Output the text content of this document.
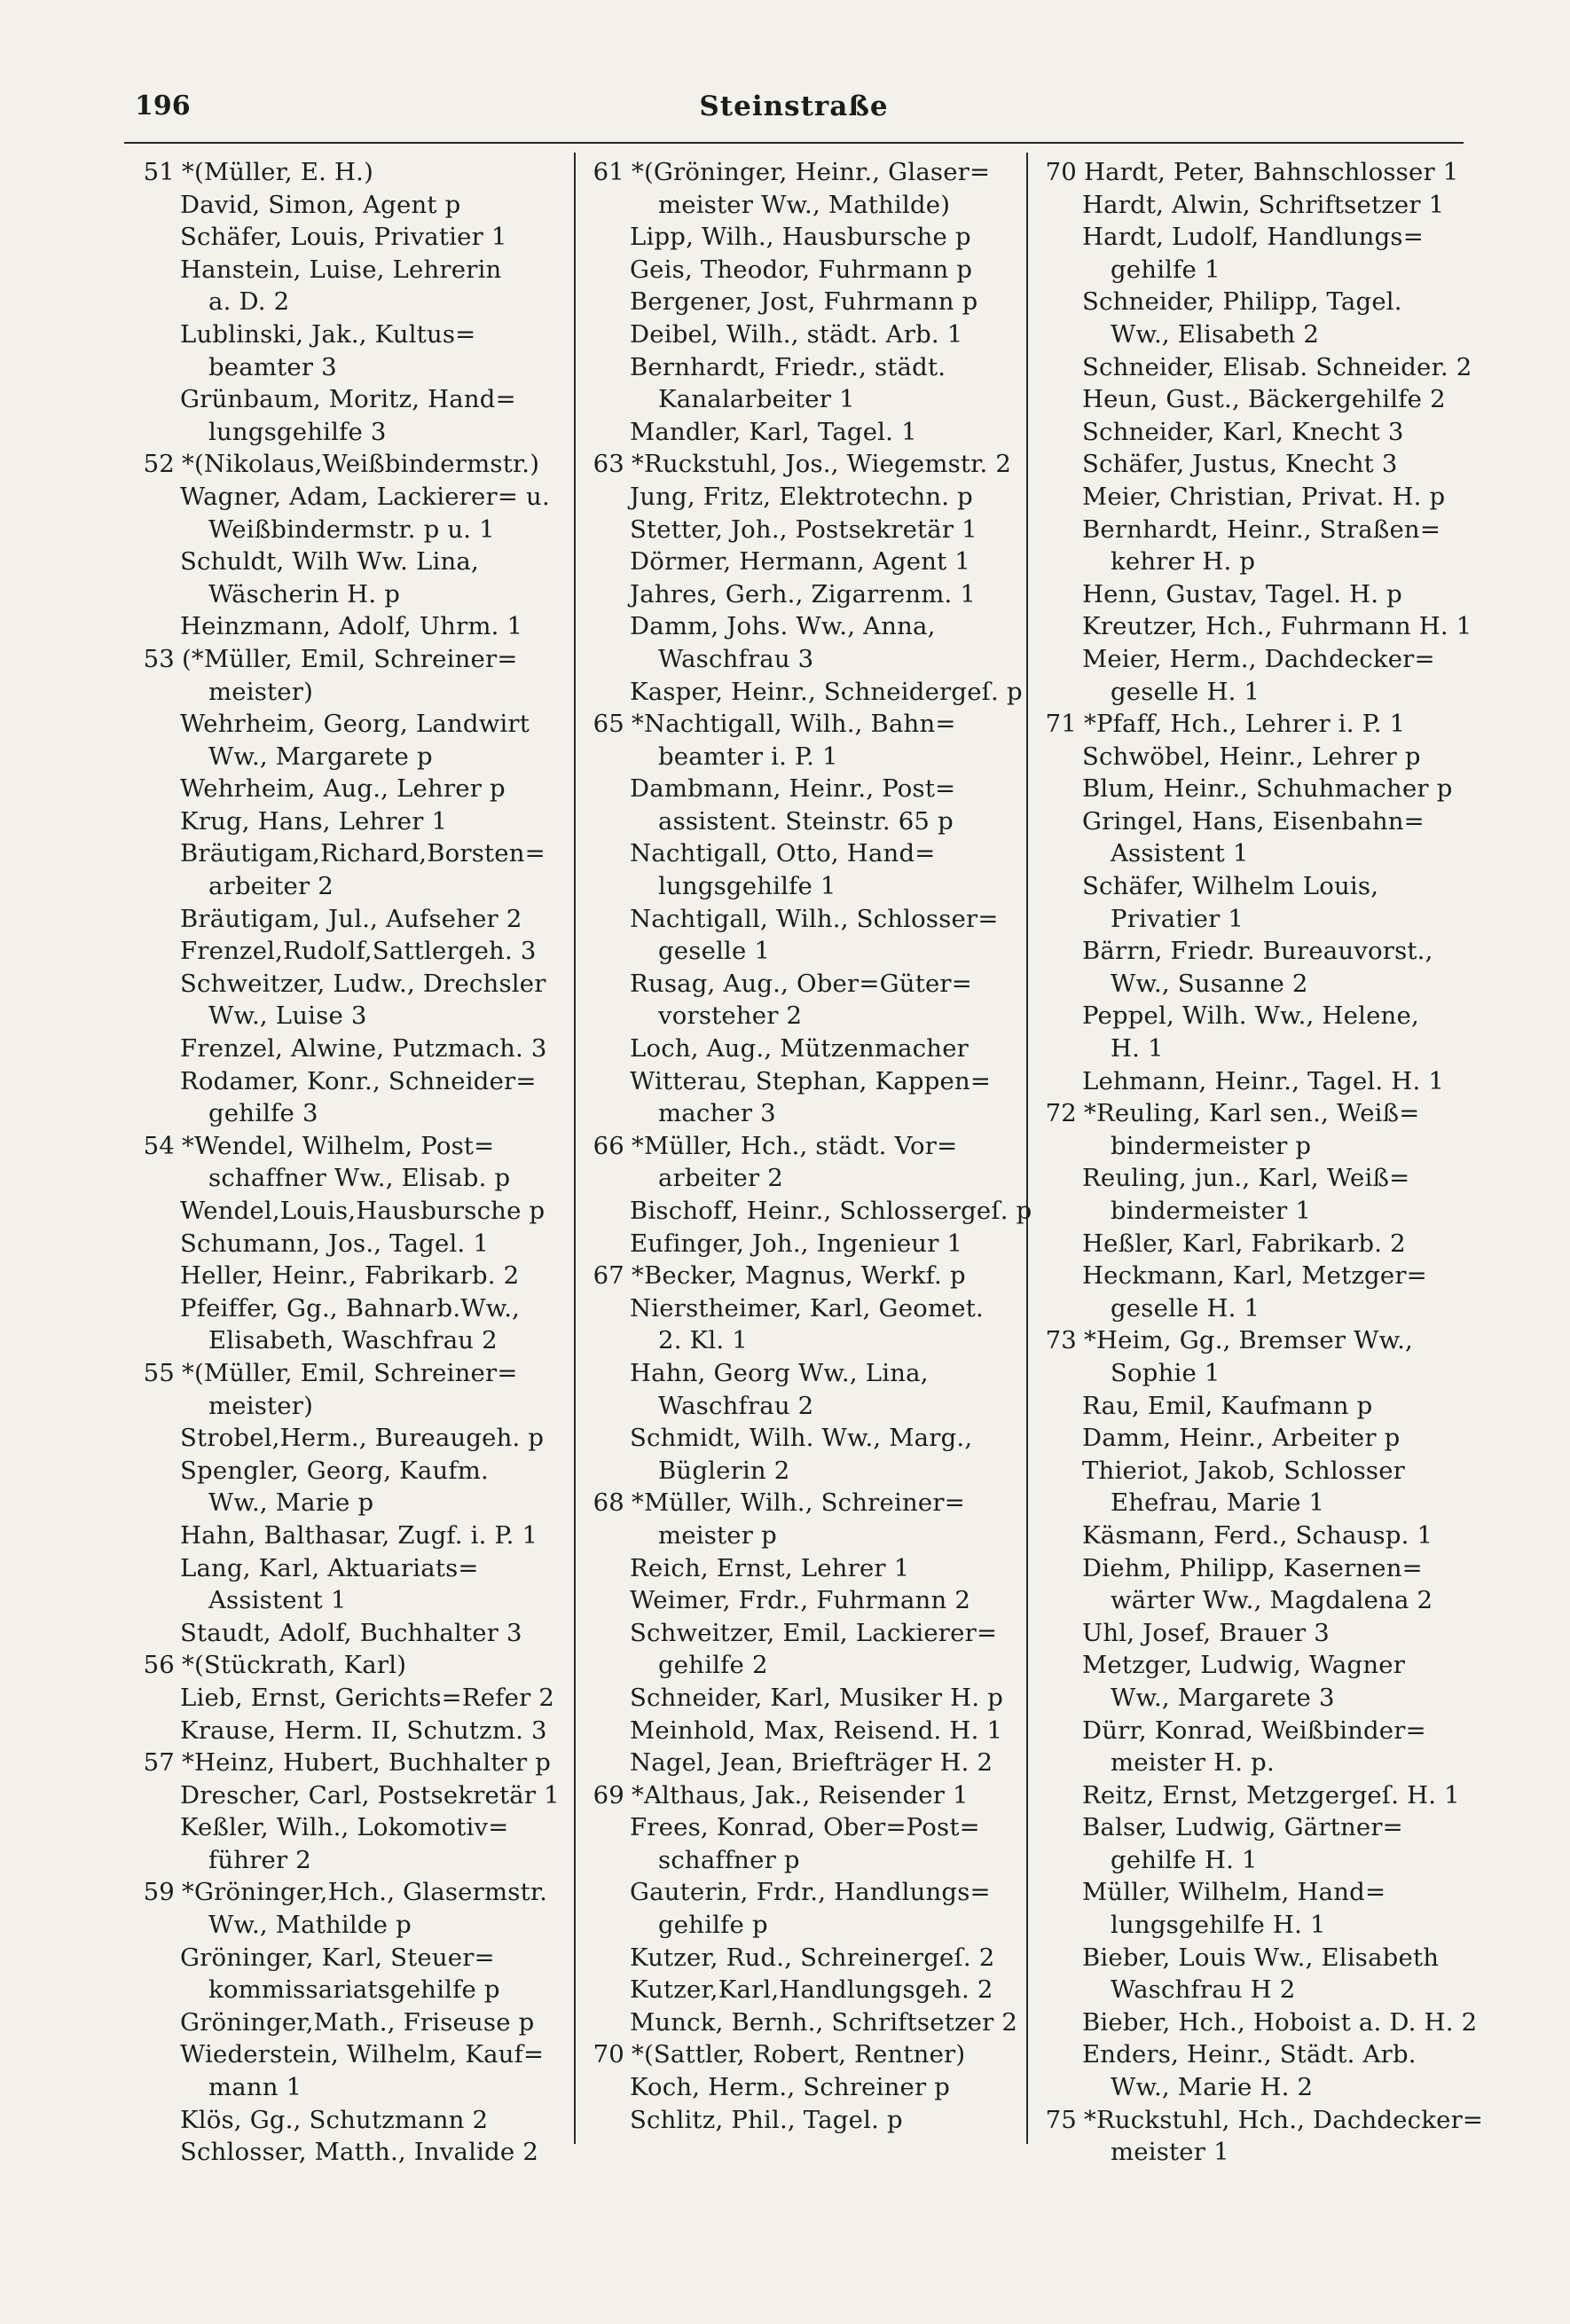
196	Steinstraße
51 *(Müller, E. H.)
David, Simon, Agent p
Schäfer, Louis, Privatier 1
Hanstein, Luise, Lehrerin
a. D. 2
Lublinski, Jak., Kultus=
beamter 3
Grünbaum, Moritz, Hand=
lungsgehilfe 3
52 *(Nikolaus,Weißbindermstr.)
Wagner, Adam, Lackierer= u.
Weißbindermstr. p u. 1
Schuldt, Wilh Ww. Lina,
Wäscherin H. p
Heinzmann, Adolf, Uhrm. 1
53 (*Müller, Emil, Schreiner=
meister)
Wehrheim, Georg, Landwirt
Ww., Margarete p
Wehrheim, Aug., Lehrer p
Krug, Hans, Lehrer 1
Bräutigam,Richard,Borsten=
arbeiter 2
Bräutigam, Jul., Aufseher 2
Frenzel,Rudolf,Sattlergeh. 3
Schweitzer, Ludw., Drechsler
Ww., Luise 3
Frenzel, Alwine, Putzmach. 3
Rodamer, Konr., Schneider=
gehilfe 3
54 *Wendel, Wilhelm, Post=
schaffner Ww., Elisab. p
Wendel,Louis,Hausbursche p
Schumann, Jos., Tagel. 1
Heller, Heinr., Fabrikarb. 2
Pfeiffer, Gg., Bahnarb.Ww.,
Elisabeth, Waschfrau 2
55 *(Müller, Emil, Schreiner=
meister)
Strobel,Herm., Bureaugeh. p
Spengler, Georg, Kaufm.
Ww., Marie p
Hahn, Balthasar, Zugf. i. P. 1
Lang, Karl, Aktuariats=
Assistent 1
Staudt, Adolf, Buchhalter 3
56 *(Stückrath, Karl)
Lieb, Ernst, Gerichts=Refer 2
Krause, Herm. II, Schutzm. 3
57 *Heinz, Hubert, Buchhalter p
Drescher, Carl, Postsekretär 1
Keßler, Wilh., Lokomotiv=
führer 2
59 *Gröninger,Hch., Glasermstr.
Ww., Mathilde p
Gröninger, Karl, Steuer=
kommissariatsgehilfe p
Gröninger,Math., Friseuse p
Wiederstein, Wilhelm, Kauf=
mann 1
Klös, Gg., Schutzmann 2
Schlosser, Matth., Invalide 2
61 *(Gröninger, Heinr., Glaser=
meister Ww., Mathilde)
Lipp, Wilh., Hausbursche p
Geis, Theodor, Fuhrmann p
Bergener, Jost, Fuhrmann p
Deibel, Wilh., städt. Arb. 1
Bernhardt, Friedr., städt.
Kanalarbeiter 1
Mandler, Karl, Tagel. 1
63 *Ruckstuhl, Jos., Wiegemstr. 2
Jung, Fritz, Elektrotechn. p
Stetter, Joh., Postsekretär 1
Dörmer, Hermann, Agent 1
Jahres, Gerh., Zigarrenm. 1
Damm, Johs. Ww., Anna,
Waschfrau 3
Kasper, Heinr., Schneidergeſ. p
65 *Nachtigall, Wilh., Bahn=
beamter i. P. 1
Dambmann, Heinr., Post=
assistent. Steinstr. 65 p
Nachtigall, Otto, Hand=
lungsgehilfe 1
Nachtigall, Wilh., Schlosser=
geselle 1
Rusag, Aug., Ober=Güter=
vorsteher 2
Loch, Aug., Mützenmacher
Witterau, Stephan, Kappen=
macher 3
66 *Müller, Hch., städt. Vor=
arbeiter 2
Bischoff, Heinr., Schlossergeſ. p
Eufinger, Joh., Ingenieur 1
67 *Becker, Magnus, Werkf. p
Nierstheimer, Karl, Geomet.
2. Kl. 1
Hahn, Georg Ww., Lina,
Waschfrau 2
Schmidt, Wilh. Ww., Marg.,
Büglerin 2
68 *Müller, Wilh., Schreiner=
meister p
Reich, Ernst, Lehrer 1
Weimer, Frdr., Fuhrmann 2
Schweitzer, Emil, Lackierer=
gehilfe 2
Schneider, Karl, Musiker H. p
Meinhold, Max, Reisend. H. 1
Nagel, Jean, Briefträger H. 2
69 *Althaus, Jak., Reisender 1
Frees, Konrad, Ober=Post=
schaffner p
Gauterin, Frdr., Handlungs=
gehilfe p
Kutzer, Rud., Schreinergeſ. 2
Kutzer,Karl,Handlungsgeh. 2
Munck, Bernh., Schriftsetzer 2
70 *(Sattler, Robert, Rentner)
Koch, Herm., Schreiner p
Schlitz, Phil., Tagel. p
70 Hardt, Peter, Bahnschlosser 1
Hardt, Alwin, Schriftsetzer 1
Hardt, Ludolf, Handlungs=
gehilfe 1
Schneider, Philipp, Tagel.
Ww., Elisabeth 2
Schneider, Elisab. Schneider. 2
Heun, Gust., Bäckergehilfe 2
Schneider, Karl, Knecht 3
Schäfer, Justus, Knecht 3
Meier, Christian, Privat. H. p
Bernhardt, Heinr., Straßen=
kehrer H. p
Henn, Gustav, Tagel. H. p
Kreutzer, Hch., Fuhrmann H. 1
Meier, Herm., Dachdecker=
geselle H. 1
71 *Pfaff, Hch., Lehrer i. P. 1
Schwöbel, Heinr., Lehrer p
Blum, Heinr., Schuhmacher p
Gringel, Hans, Eisenbahn=
Assistent 1
Schäfer, Wilhelm Louis,
Privatier 1
Bärrn, Friedr. Bureauvorst.,
Ww., Susanne 2
Peppel, Wilh. Ww., Helene,
H. 1
Lehmann, Heinr., Tagel. H. 1
72 *Reuling, Karl sen., Weiß=
bindermeister p
Reuling, jun., Karl, Weiß=
bindermeister 1
Heßler, Karl, Fabrikarb. 2
Heckmann, Karl, Metzger=
geselle H. 1
73 *Heim, Gg., Bremser Ww.,
Sophie 1
Rau, Emil, Kaufmann p
Damm, Heinr., Arbeiter p
Thieriot, Jakob, Schlosser
Ehefrau, Marie 1
Käsmann, Ferd., Schausp. 1
Diehm, Philipp, Kasernen=
wärter Ww., Magdalena 2
Uhl, Josef, Brauer 3
Metzger, Ludwig, Wagner
Ww., Margarete 3
Dürr, Konrad, Weißbinder=
meister H. p.
Reitz, Ernst, Metzgergeſ. H. 1
Balser, Ludwig, Gärtner=
gehilfe H. 1
Müller, Wilhelm, Hand=
lungsgehilfe H. 1
Bieber, Louis Ww., Elisabeth
Waschfrau H 2
Bieber, Hch., Hoboist a. D. H. 2
Enders, Heinr., Städt. Arb.
Ww., Marie H. 2
75 *Ruckstuhl, Hch., Dachdecker=
meister 1
